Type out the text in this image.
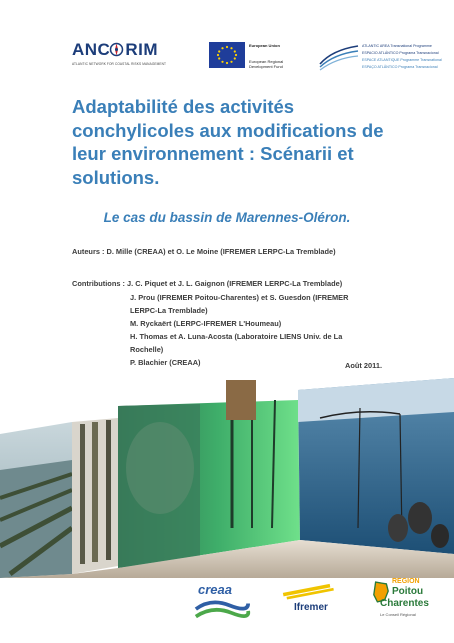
ANC RIM
ATLANTIC NETWORK FOR COASTAL RISKS MANAGEMENT
European Union
European Regional
Development Fund
ATLANTIC AREA Transnational Programme
ESPACIO ATLÁNTICO Programa Transnacional
ESPACE ATLANTIQUE Programme Transnational
ESPAÇO ATLÂNTICO Programa Transnacional
Adaptabilité des activités
conchylicoles aux modifications de
leur environnement : Scénarii et
solutions.

Le cas du bassin de Marennes-Oléron.

Auteurs : D. Mille (CREAA) et O. Le Moine (IFREMER LERPC-La Tremblade)
Contributions : J. C. Piquet et J. L. Gaignon (IFREMER LERPC-La Tremblade)
J. Prou (IFREMER Poitou-Charentes) et S. Guesdon (IFREMER
LERPC-La Tremblade)
M. Ryckaërt (LERPC-IFREMER L'Houmeau)
H. Thomas et A. Luna-Acosta (Laboratoire LIENS Univ. de La
Rochelle)
P. Blachier (CREAA)	Août 2011.
creaa
Ifremer
REGION
Poitou
Charentes
Le Conseil Régional
